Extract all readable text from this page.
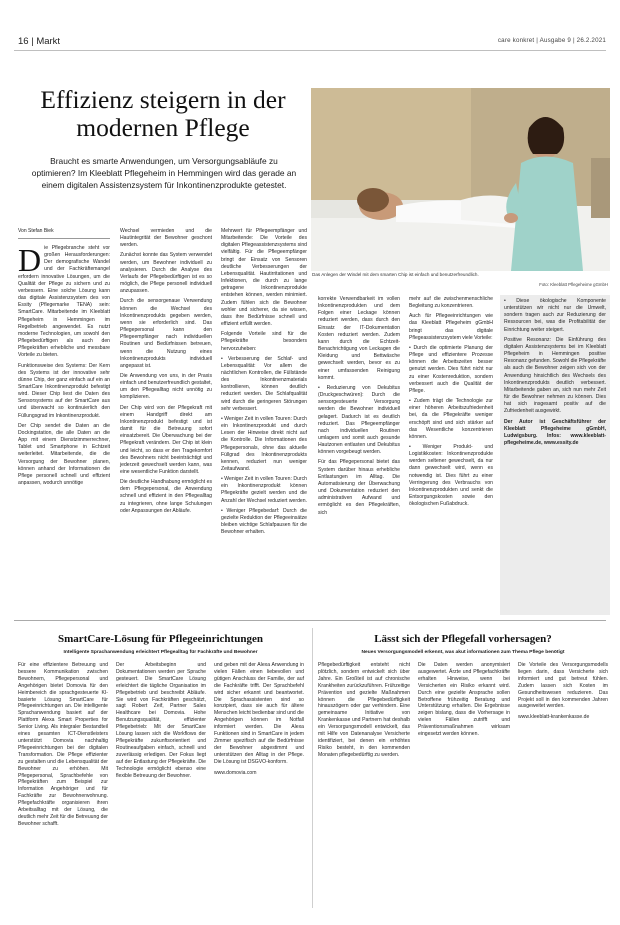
16 | Markt	care konkret | Ausgabe 9 | 26.2.2021
Effizienz steigern in der
modernen Pflege

Braucht es smarte Anwendungen, um Versorgungsabläufe zu optimieren? Im Kleeblatt Pflegeheim in Hemmingen wird das gerade an einem digitalen Assistenzsystem für Inkontinenzprodukte getestet.

Das Anlegen der Windel mit dem smarten Chip ist einfach und benutzerfreundlich.
Foto: Kleeblatt Pflegeheime gGmbH
Von Stefan Biek

Die Pflegebranche steht vor großen Herausforderungen: Der demografische Wandel und der Fachkräftemangel erfordern innovative Lösungen, um die Qualität der Pflege zu sichern und zu verbessern. Eine solche Lösung kann das digitale Assistenzsystem des von Essity (Pflegemarke TENA) sein: SmartCare. Mitarbeitende im Kleeblatt Pflegeheim in Hemmingen im Regelbetrieb angewendet. Es nutzt moderne Technologien, um sowohl den Pflegebedürftigen als auch den Pflegekräften erhebliche und messbare Vorteile zu bieten.

Funktionsweise des Systems: Der Kern des Systems ist der innovative sehr dünne Chip, der ganz einfach auf ein an SmartCare Inkontinenzprodukt befestigt wird. Dieser Chip liest die Daten des Sensorsystems auf der SmartCare aus und überwacht so kontinuierlich den Füllungsgrad im Inkontinenzprodukt.

Der Chip sendet die Daten an die Dockingstation, die alle Daten an die App mit einem Dienstzimmerrechner, Tablet und Smartphone in Echtzeit weiterleitet. Mitarbeitende, die die Versorgung der Bewohner planen, können anhand der Informationen die Pflege personell schnell und effizient anpassen, wodurch unnötige

Wechsel vermieden und die Hautintegrität der Bewohner geschont werden.

Zunächst konnte das System verwendet werden, um Bewohner individuell zu analysieren. Durch die Analyse des Verlaufs der Pflegebedürftigen ist es so möglich, die Pflege personell individuell anzupassen.

Durch die sensorgenaue Verwendung können die Wechsel des Inkontinenzprodukts gegeben werden, wenn sie erforderlich sind. Das Pflegepersonal kann den Pflegeempfänger nach individuellen Routinen und Bedürfnissen betreuen, wenn die Nutzung eines Inkontinenzprodukts individuell angepasst ist.

Die Anwendung von uns, in der Praxis einfach und benutzerfreundlich gestaltet, um den Pflegealltag nicht unnötig zu komplizieren.

Der Chip wird von der Pflegekraft mit einem Handgriff direkt am Inkontinenzprodukt befestigt und ist damit für die Betreuung sofort einsatzbereit. Die Überwachung bei der Pflegekraft verändern. Der Chip ist klein und leicht, so dass er den Tragekomfort des Bewohners nicht beeinträchtigt und jederzeit gewechselt werden kann, was eine wesentliche Funktion darstellt.

Die deutliche Handhabung ermöglicht es dem Pflegepersonal, die Anwendung schnell und effizient in den Pflegealltag zu integrieren, ohne lange Schulungen oder Anpassungen der Abläufe.

Mehrwert für Pflegeempfänger und Mitarbeitende: Die Vorteile des digitalen Pflegeassistenzsystems sind vielfältig. Für die Pflegeempfänger bringt der Einsatz von Sensoren deutliche Verbesserungen der Lebensqualität. Hautirritationen und Infektionen, die durch zu lange getragene Inkontinenzprodukte entstehen können, werden minimiert. Zudem fühlen sich die Bewohner wohler und sicherer, da sie wissen, dass ihre Bedürfnisse schnell und effizient erfüllt werden.

Folgende Vorteile sind für die Pflegekräfte besonders hervorzuheben:

• Verbesserung der Schlaf- und Lebensqualität: Vor allem die nächtlichen Kontrollen, die Füllstände des Inkontinenzmaterials kontrollieren, können deutlich reduziert werden. Die Schlafqualität wird durch die geringeren Störungen sehr verbessert.

• Weniger Zeit in vollen Touren: Durch ein Inkontinenzprodukt und durch Lesen der Hinweise direkt nicht auf die Kontrolle. Die Informationen des Pflegepersonals, ohne das aktuelle Füllgrad des Inkontinenzprodukts kennen, reduziert nun weniger Zeitaufwand.

• Weniger Zeit in vollen Touren: Durch ein Inkontinenzprodukt können Pflegekräfte gezielt werden und die Anzahl der Wechsel reduziert werden.

• Weniger Pflegebedarf: Durch die gezielte Reduktion der Pflegeeinsätze bleiben wichtige Schlafpausen für die Bewohner erhalten.

korrekte Verwendbarkeit im vollen Inkontinenzprodukten und dem Folgen einer Leckage können reduziert werden, dass durch den Einsatz der IT-Dokumentation Kosten reduziert werden. Zudem kann durch die Echtzeit-Benachrichtigung von Leckagen die Kleidung und Bettwäsche gewechselt werden, bevor es zu einer umfassenden Reinigung kommt.

• Reduzierung von Dekubitus (Druckgeschwüren): Durch die sensorgesteuerte Versorgung werden die Bewohner individuell gelagert. Dadurch ist es deutlich reduziert. Das Pflegeempfänger nach individuellen Routinen umlagern und somit auch gesunde Hautzonen entlasten und Dekubitus können vorgebeugt werden.

Für das Pflegepersonal bietet das System darüber hinaus erhebliche Entlastungen im Alltag. Die Automatisierung der Überwachung und Dokumentation reduziert den administrativen Aufwand und ermöglicht es den Pflegekräften, sich

mehr auf die zwischenmenschliche Begleitung zu konzentrieren.

Auch für Pflegeeinrichtungen wie das Kleeblatt Pflegeheim gGmbH bringt das digitale Pflegeassistenzsystem viele Vorteile:

• Durch die optimierte Planung der Pflege und effizientere Prozesse können die Arbeitszeiten besser genutzt werden. Dies führt nicht nur zu einer Kostenreduktion, sondern verbessert auch die Qualität der Pflege.

• Zudem trägt die Technologie zur einer höheren Arbeitszufriedenheit bei, da die Pflegekräfte weniger erschöpft sind und sich stärker auf das Wesentliche konzentrieren können.

• Weniger Produkt- und Logistikkosten: Inkontinenzprodukte werden seltener gewechselt, da nur dann gewechselt wird, wenn es notwendig ist. Dies führt zu einer Verringerung des Verbrauchs von Inkontinenzprodukten und senkt die Entsorgungskosten sowie den ökologischen Fußabdruck.

• Diese ökologische Komponente unterstützen wir nicht nur die Umwelt, sondern tragen auch zur Reduzierung der Ressourcen bei, was die Profitabilität der Einrichtung weiter steigert.

Positive Resonanz: Die Einführung des digitalen Assistenzsystems bei im Kleeblatt Pflegeheim in Hemmingen positive Resonanz gefunden. Sowohl die Pflegekräfte als auch die Bewohner zeigen sich von der Anwendung hinsichtlich des Wechsels des Inkontinenzprodukts deutlich verbessert. Mitarbeitende gaben an, sich nun mehr Zeit für die Bewohner nehmen zu können. Dies hat sich insgesamt positiv auf die Zufriedenheit ausgewirkt.

Der Autor ist Geschäftsführer der Kleeblatt Pflegeheime gGmbH, Ludwigsburg. Infos: www.kleeblatt-pflegeheime.de, www.essity.de

SmartCare-Lösung für Pflegeeinrichtungen
Intelligente Sprachanwendung erleichtert Pflegealltag für Fachkräfte und Bewohner

Für eine effizientere Betreuung und bessere Kommunikation zwischen Bewohnern, Pflegepersonal und Angehörigen bietet Domovia für den Heimbereich die sprachgesteuerte KI-basierte Lösung SmartCare für Pflegeeinrichtungen an. Die intelligente Sprachanwendung basiert auf der Plattform Alexa Smart Properties for Senior Living. Als integraler Bestandteil eines gesamten ICT-Dienstleisters unterstützt Domovia nachhaltig Pflegeeinrichtungen bei der digitalen Transformation. Die Pflege effizienter zu gestalten und die Lebensqualität der Bewohner zu erhöhen. Mit Pflegepersonal, Sprachbefehle von Pflegekräften zum Beispiel zur Information Angehöriger und für Fachkräfte zur Bewohnerwohnung. Pflegefachkräfte organisieren ihren Arbeitsalltag mit der Lösung, die deutlich mehr Zeit für die Betreuung der Bewohner schafft.

Der Arbeitsbeginn und Dokumentationen werden per Sprache gesteuert. Die SmartCare Lösung erleichtert die tägliche Organisation im Pflegebetrieb und beschreibt Abläufe. Sie wird von Fachkräften geschätzt, sagt Robert Zeif, Partner Sales Healthcare bei Domovia. Hohe Benutzungsqualität, effizienter Pflegebetrieb: Mit der SmartCare Lösung lassen sich die Workflows der Pflegekräfte zukunftsorientiert und Routineaufgaben einfach, schnell und zuverlässig erledigen. Der Fokus liegt auf der Entlastung der Pflegekräfte. Die Technologie ermöglicht ebenso eine flexible Betreuung der Bewohner.

und geben mit der Alexa Anwendung in vielen Fällen einen liebevollen und gütigen Anschluss der Familie, der auf die Fachkräfte trifft. Der Sprachbefehl wird sicher erkannt und beantwortet. Die Sprachassistenten sind so konzipiert, dass sie auch für ältere Menschen leicht bedienbar sind und die Angehörigen können im Notfall informiert werden. Die Alexa Funktionen sind in SmartCare in jedem Zimmer spezifisch auf die Bedürfnisse der Bewohner abgestimmt und unterstützen den Alltag in der Pflege. Die Lösung ist DSGVO-konform.

www.domovia.com

Lässt sich der Pflegefall vorhersagen?
Neues Versorgungsmodell erkennt, was akut informationen zum Thema Pflege benötigt

Pflegebedürftigkeit entsteht nicht plötzlich, sondern entwickelt sich über Jahre. Ein Großteil ist auf chronische Krankheiten zurückzuführen. Frühzeitige Prävention und gezielte Maßnahmen können die Pflegebedürftigkeit hinauszögern oder gar verhindern. Eine gemeinsame Initiative von Krankenkasse und Partnern hat deshalb ein Versorgungsmodell entwickelt, das mit Hilfe von Datenanalyse Versicherte identifiziert, bei denen ein erhöhtes Risiko besteht, in den kommenden Monaten pflegebedürftig zu werden.

Die Daten werden anonymisiert ausgewertet. Ärzte und Pflegefachkräfte erhalten Hinweise, wenn bei Versicherten ein Risiko erkannt wird. Durch eine gezielte Ansprache sollen Betroffene frühzeitig Beratung und Unterstützung erhalten. Die Ergebnisse zeigen bislang, dass die Vorhersage in vielen Fällen zutrifft und Präventionsmaßnahmen wirksam eingesetzt werden können.

Die Vorteile des Versorgungsmodells liegen darin, dass Versicherte sich informiert und gut betreut fühlen. Zudem lassen sich Kosten im Gesundheitswesen reduzieren. Das Projekt soll in den kommenden Jahren ausgeweitet werden.

www.kleeblatt-krankenkasse.de
